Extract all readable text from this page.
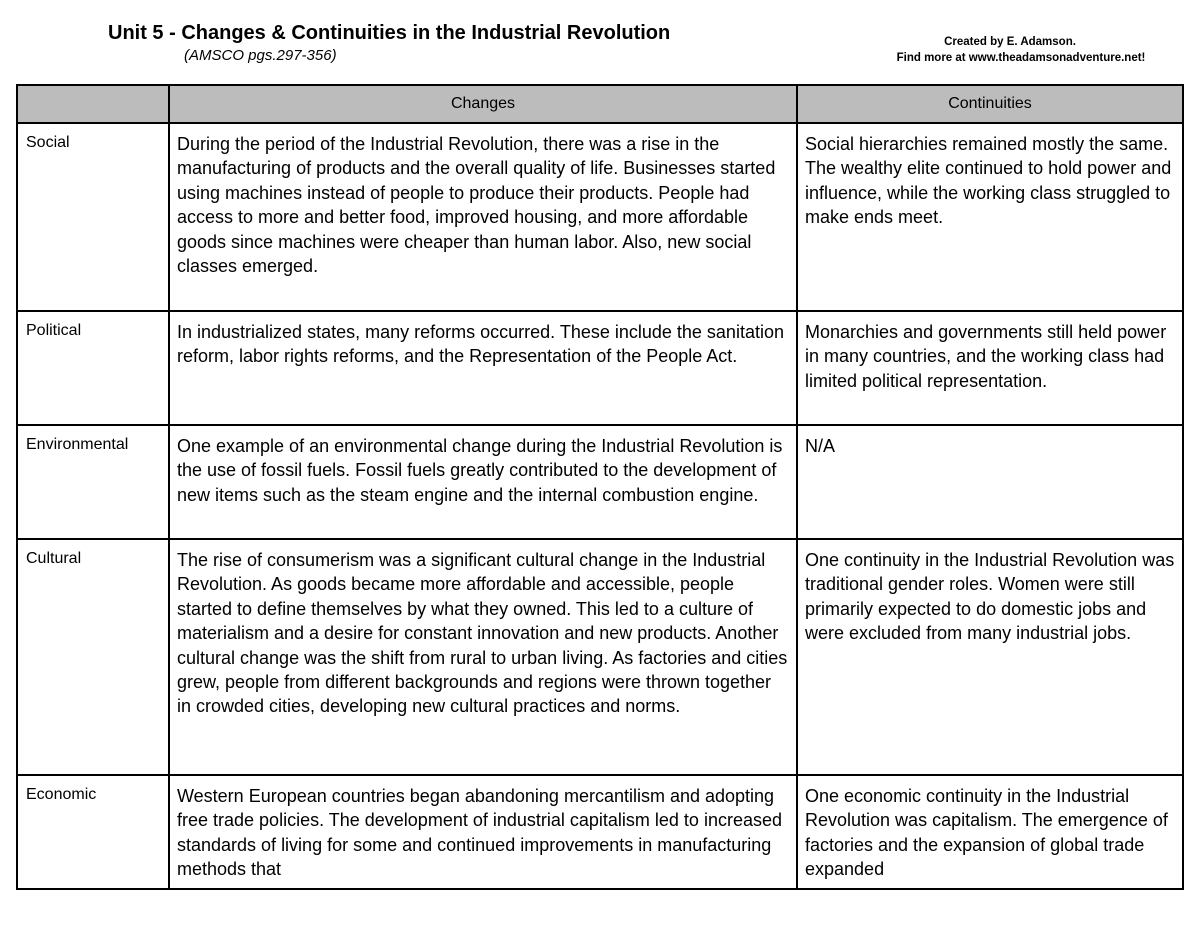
Unit 5 - Changes & Continuities in the Industrial Revolution
(AMSCO pgs.297-356)
Created by E. Adamson.
Find more at www.theadamsonadventure.net!
	Changes	Continuities
Social	During the period of the Industrial Revolution, there was a rise in the manufacturing of products and the overall quality of life. Businesses started using machines instead of people to produce their products. People had access to more and better food, improved housing, and more affordable goods since machines were cheaper than human labor. Also, new social classes emerged.	Social hierarchies remained mostly the same. The wealthy elite continued to hold power and influence, while the working class struggled to make ends meet.
Political	In industrialized states, many reforms occurred. These include the sanitation reform, labor rights reforms, and the Representation of the People Act.	Monarchies and governments still held power in many countries, and the working class had limited political representation.
Environmental	One example of an environmental change during the Industrial Revolution is the use of fossil fuels. Fossil fuels greatly contributed to the development of new items such as the steam engine and the internal combustion engine.	N/A
Cultural	The rise of consumerism was a significant cultural change in the Industrial Revolution. As goods became more affordable and accessible, people started to define themselves by what they owned. This led to a culture of materialism and a desire for constant innovation and new products. Another cultural change was the shift from rural to urban living. As factories and cities grew, people from different backgrounds and regions were thrown together in crowded cities, developing new cultural practices and norms.	One continuity in the Industrial Revolution was traditional gender roles. Women were still primarily expected to do domestic jobs and were excluded from many industrial jobs.
Economic	Western European countries began abandoning mercantilism and adopting free trade policies. The development of industrial capitalism led to increased standards of living for some and continued improvements in manufacturing methods that	One economic continuity in the Industrial Revolution was capitalism. The emergence of factories and the expansion of global trade expanded
